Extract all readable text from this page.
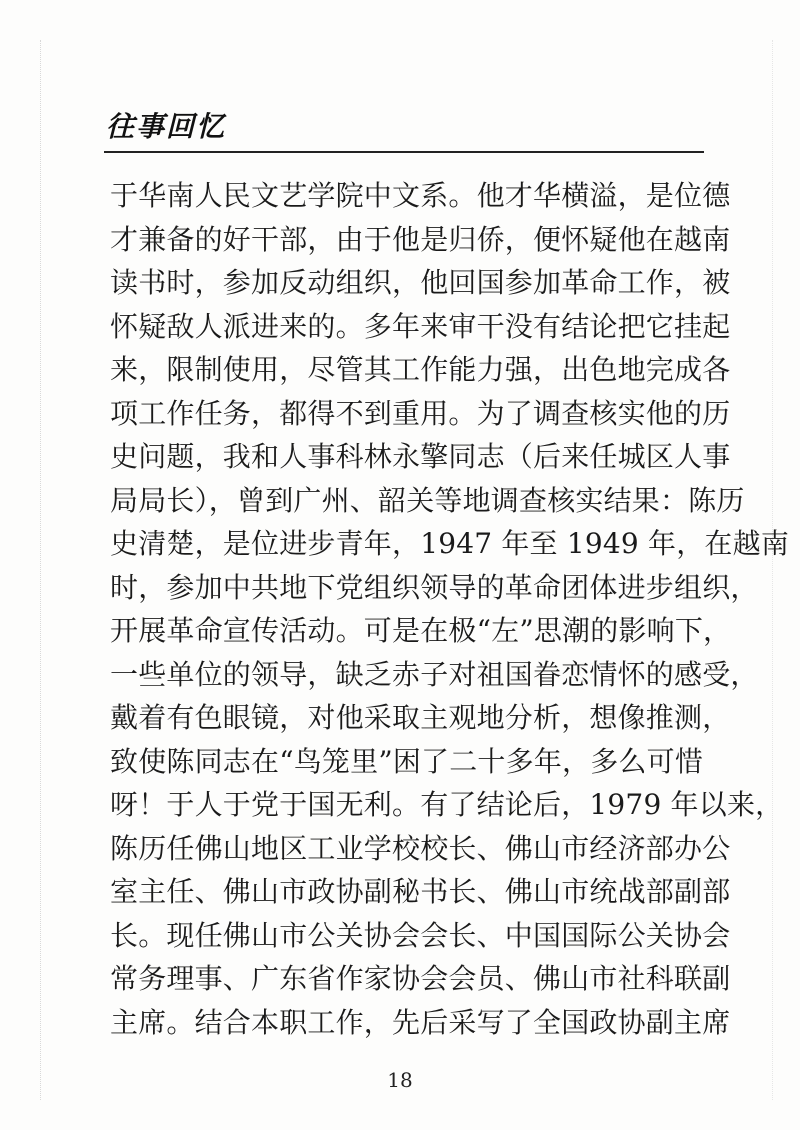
往事回忆
于华南人民文艺学院中文系。他才华横溢，是位德
才兼备的好干部，由于他是归侨，便怀疑他在越南
读书时，参加反动组织，他回国参加革命工作，被
怀疑敌人派进来的。多年来审干没有结论把它挂起
来，限制使用，尽管其工作能力强，出色地完成各
项工作任务，都得不到重用。为了调查核实他的历
史问题，我和人事科林永擎同志（后来任城区人事
局局长），曾到广州、韶关等地调查核实结果：陈历
史清楚，是位进步青年，1947 年至 1949 年，在越南
时，参加中共地下党组织领导的革命团体进步组织，
开展革命宣传活动。可是在极“左”思潮的影响下，
一些单位的领导，缺乏赤子对祖国眷恋情怀的感受，
戴着有色眼镜，对他采取主观地分析，想像推测，
致使陈同志在“鸟笼里”困了二十多年，多么可惜
呀！于人于党于国无利。有了结论后，1979 年以来，
陈历任佛山地区工业学校校长、佛山市经济部办公
室主任、佛山市政协副秘书长、佛山市统战部副部
长。现任佛山市公关协会会长、中国国际公关协会
常务理事、广东省作家协会会员、佛山市社科联副
主席。结合本职工作，先后采写了全国政协副主席
18
